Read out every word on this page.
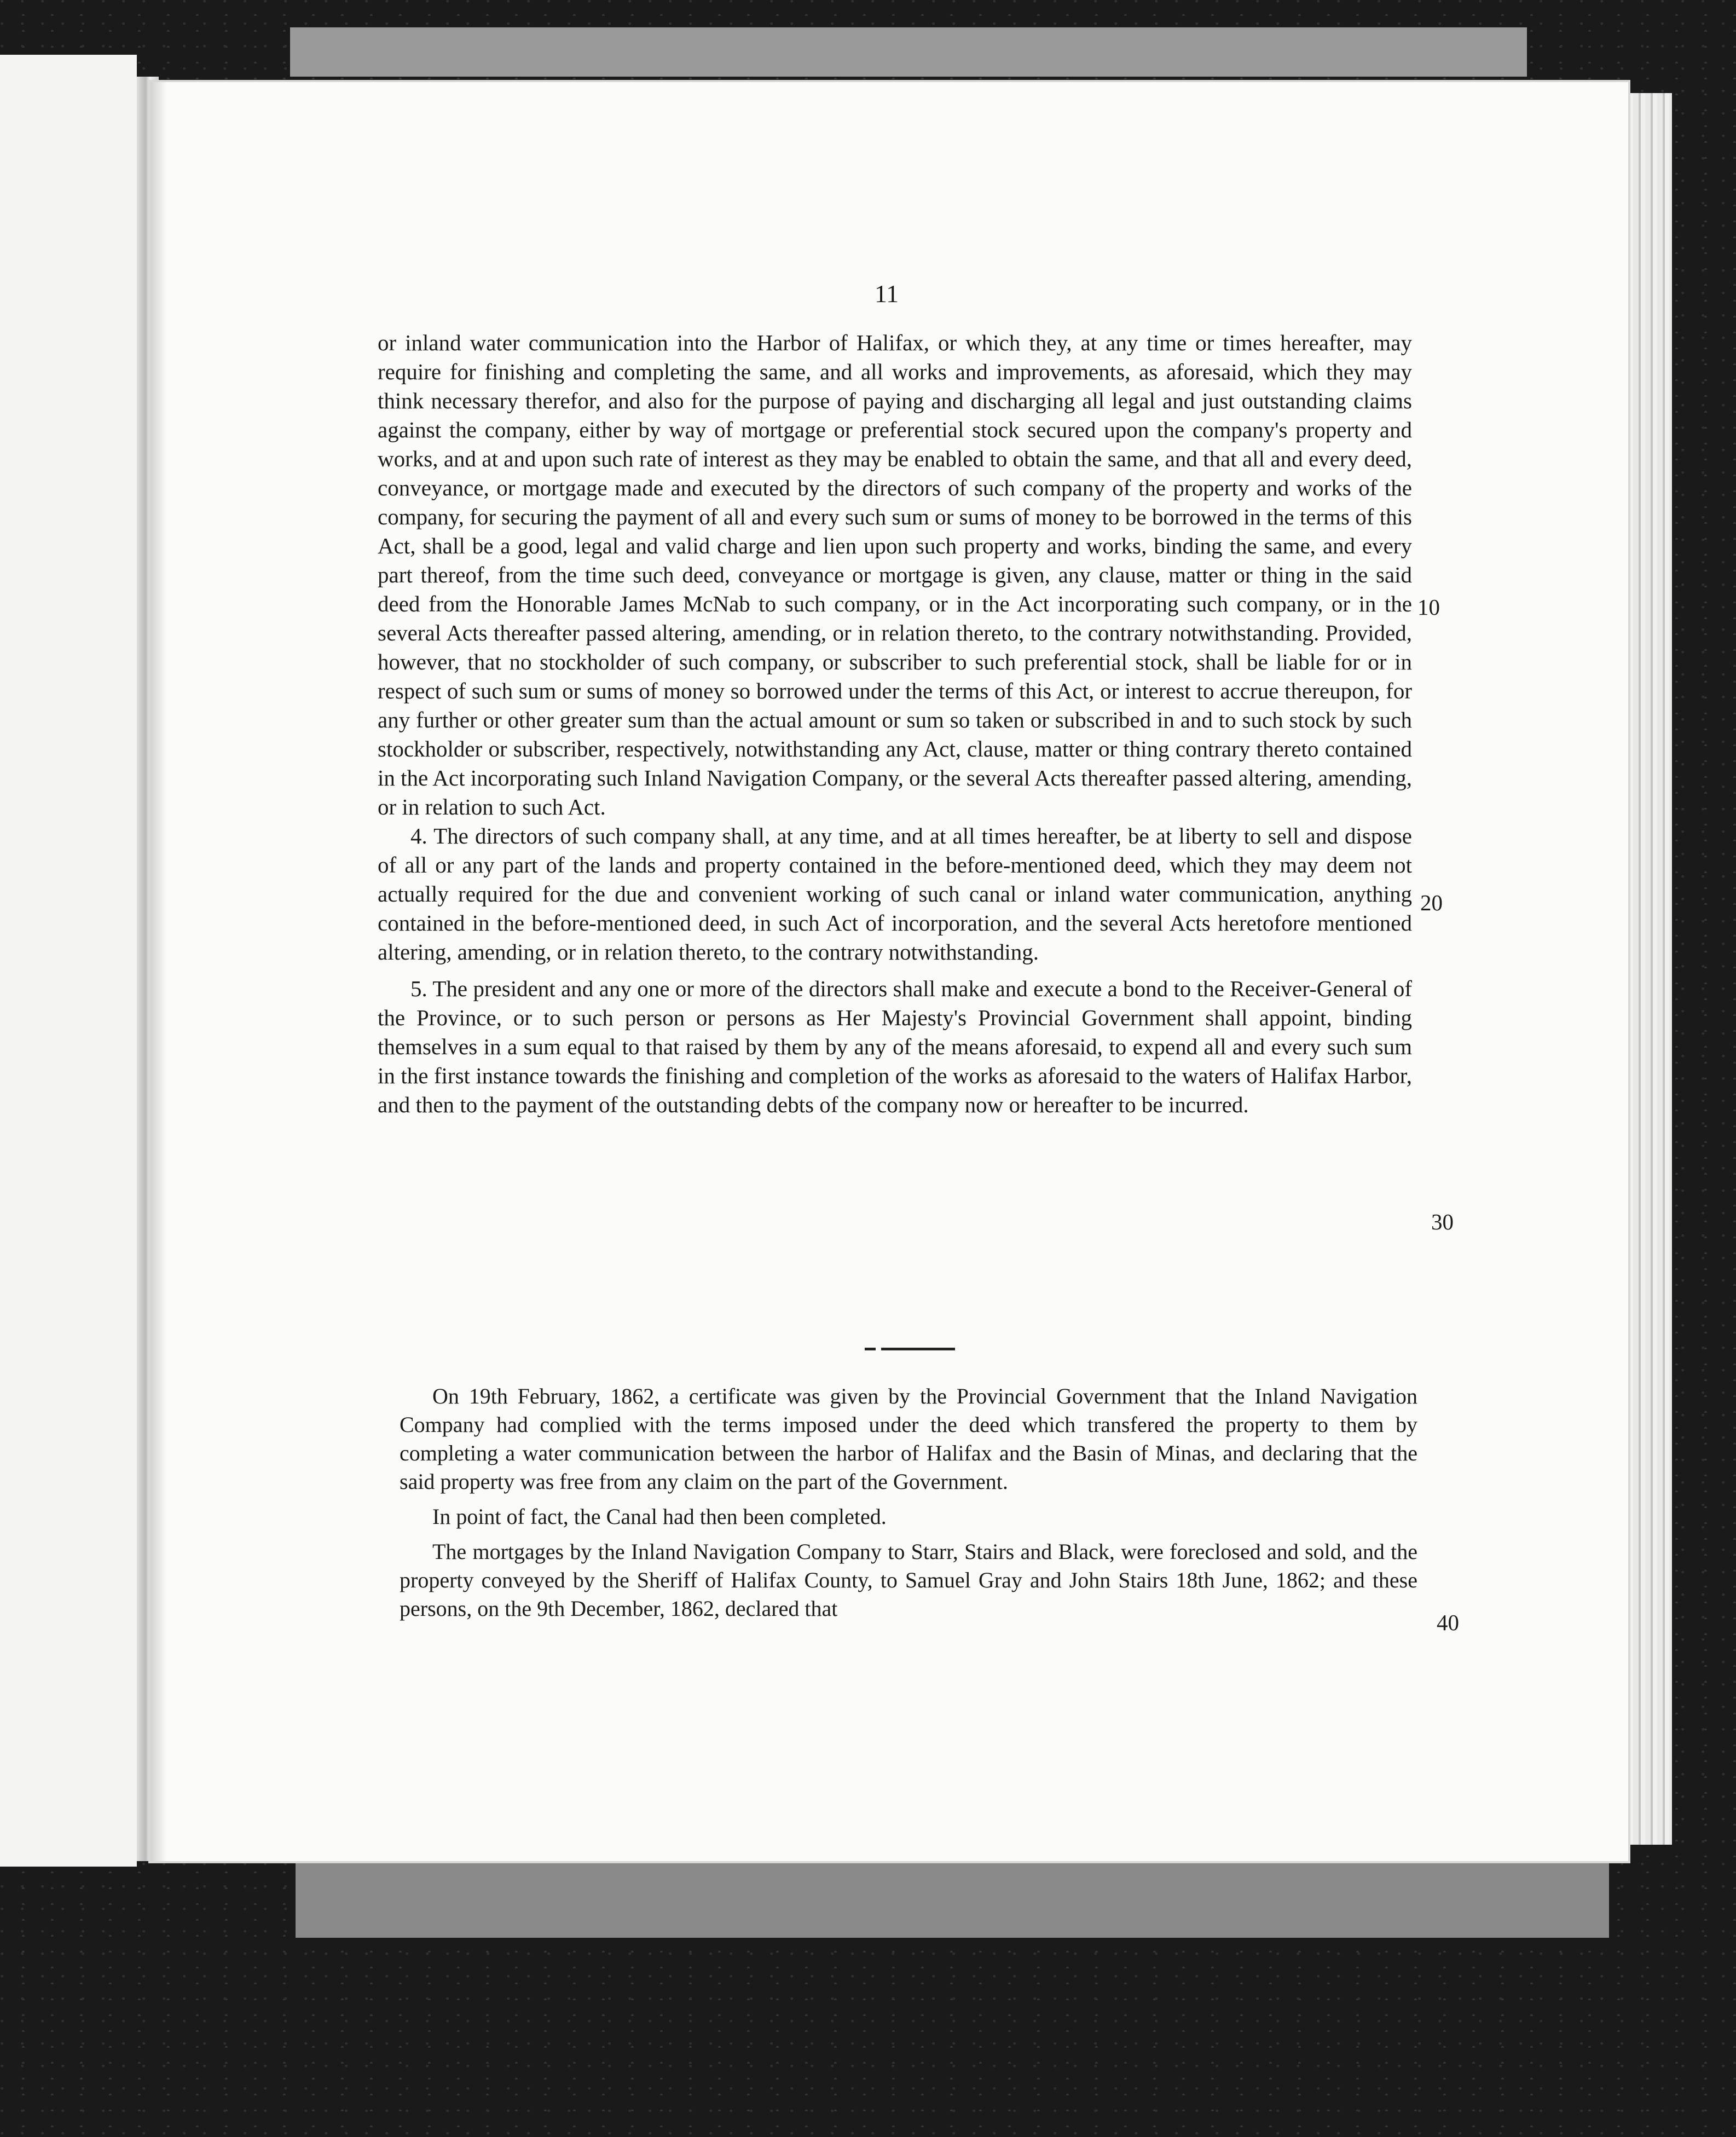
11

or inland water communication into the Harbor of Halifax, or which they, at any time or times hereafter, may require for finishing and completing the same, and all works and improvements, as aforesaid, which they may think necessary therefor, and also for the purpose of paying and discharging all legal and just outstanding claims against the company, either by way of mortgage or preferential stock secured upon the company's property and works, and at and upon such rate of interest as they may be enabled to obtain the same, and that all and every deed, conveyance, or mortgage made and executed by the directors of such company of the property and works of the company, for securing the payment of all and every such sum or sums of money to be borrowed in the terms of this Act, shall be a good, legal and valid charge and lien upon such property and works, binding the same, and every part thereof, from the time such deed, conveyance or mortgage is given, any clause, matter or thing in the said deed from the Honorable James McNab to such company, or in the Act incorporating such company, or in the several Acts thereafter passed altering, amending, or in relation thereto, to the contrary notwithstanding. Provided, however, that no stockholder of such company, or subscriber to such preferential stock, shall be liable for or in respect of such sum or sums of money so borrowed under the terms of this Act, or interest to accrue thereupon, for any further or other greater sum than the actual amount or sum so taken or subscribed in and to such stock by such stockholder or subscriber, respectively, notwithstanding any Act, clause, matter or thing contrary thereto contained in the Act incorporating such Inland Navigation Company, or the several Acts thereafter passed altering, amending, or in relation to such Act.

4. The directors of such company shall, at any time, and at all times hereafter, be at liberty to sell and dispose of all or any part of the lands and property contained in the before-mentioned deed, which they may deem not actually required for the due and convenient working of such canal or inland water communication, anything contained in the before-mentioned deed, in such Act of incorporation, and the several Acts heretofore mentioned altering, amending, or in relation thereto, to the contrary notwithstanding.

5. The president and any one or more of the directors shall make and execute a bond to the Receiver-General of the Province, or to such person or persons as Her Majesty's Provincial Government shall appoint, binding themselves in a sum equal to that raised by them by any of the means aforesaid, to expend all and every such sum in the first instance towards the finishing and completion of the works as aforesaid to the waters of Halifax Harbor, and then to the payment of the outstanding debts of the company now or hereafter to be incurred.

10
20
30
40

On 19th February, 1862, a certificate was given by the Provincial Government that the Inland Navigation Company had complied with the terms imposed under the deed which transfered the property to them by completing a water communication between the harbor of Halifax and the Basin of Minas, and declaring that the said property was free from any claim on the part of the Government.

In point of fact, the Canal had then been completed.

The mortgages by the Inland Navigation Company to Starr, Stairs and Black, were foreclosed and sold, and the property conveyed by the Sheriff of Halifax County, to Samuel Gray and John Stairs 18th June, 1862; and these persons, on the 9th December, 1862, declared that
